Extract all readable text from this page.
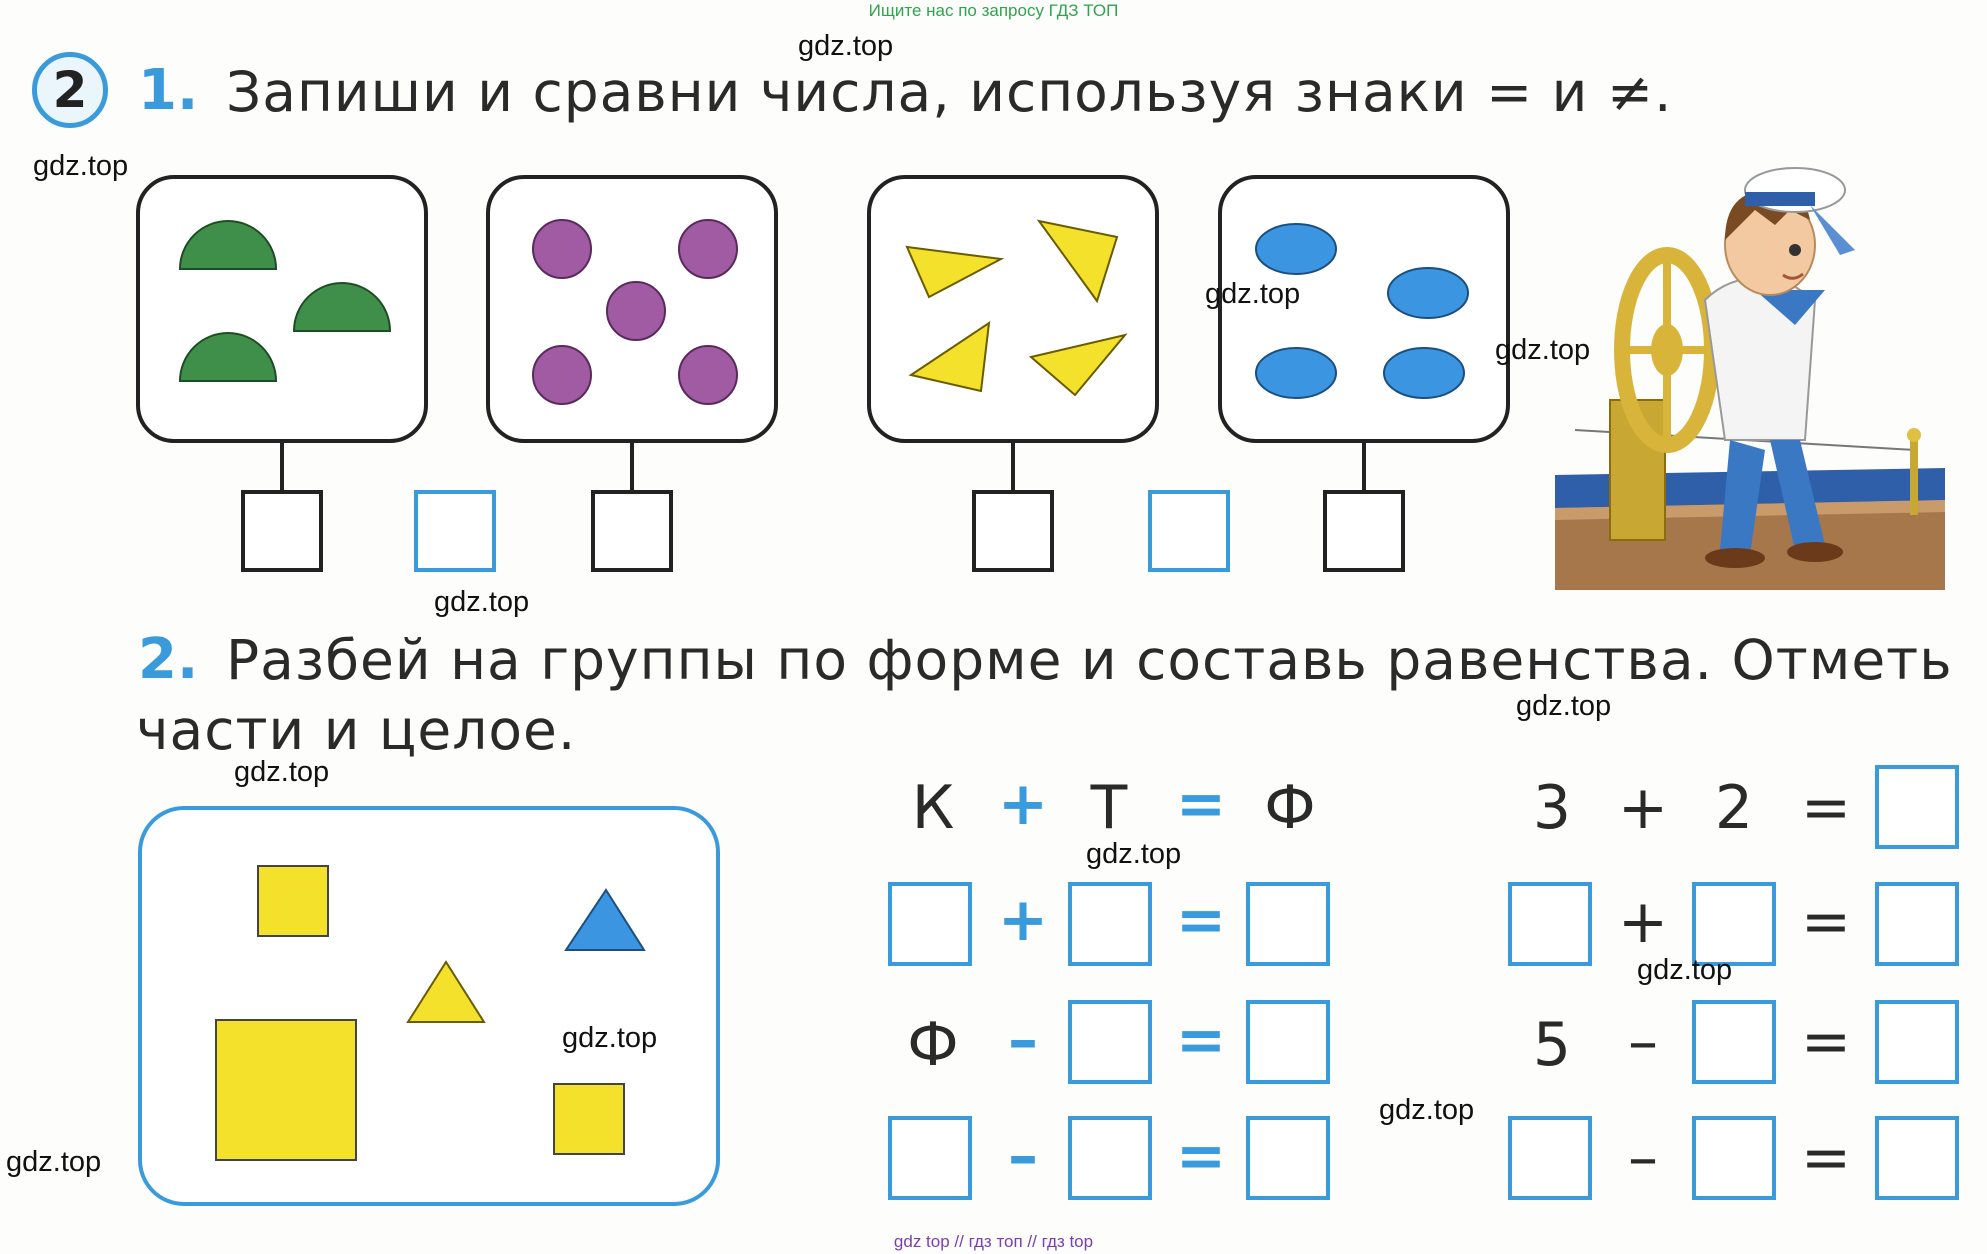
Ищите нас по запросу ГДЗ ТОП
2 1. Запиши и сравни числа, используя знаки = и ≠.
2. Разбей на группы по форме и составь равенства. Отметь
части и целое.
К + Т = Ф
+ =
Ф –	=
–	=
3 + 2 =
+ =
5 –	=
–	=
gdz.top
gdz.top
gdz.top
gdz.top
gdz.top
gdz.top
gdz.top
gdz.top
gdz.top
gdz.top
gdz.top
gdz.top
gdz top // гдз топ // гдз top
